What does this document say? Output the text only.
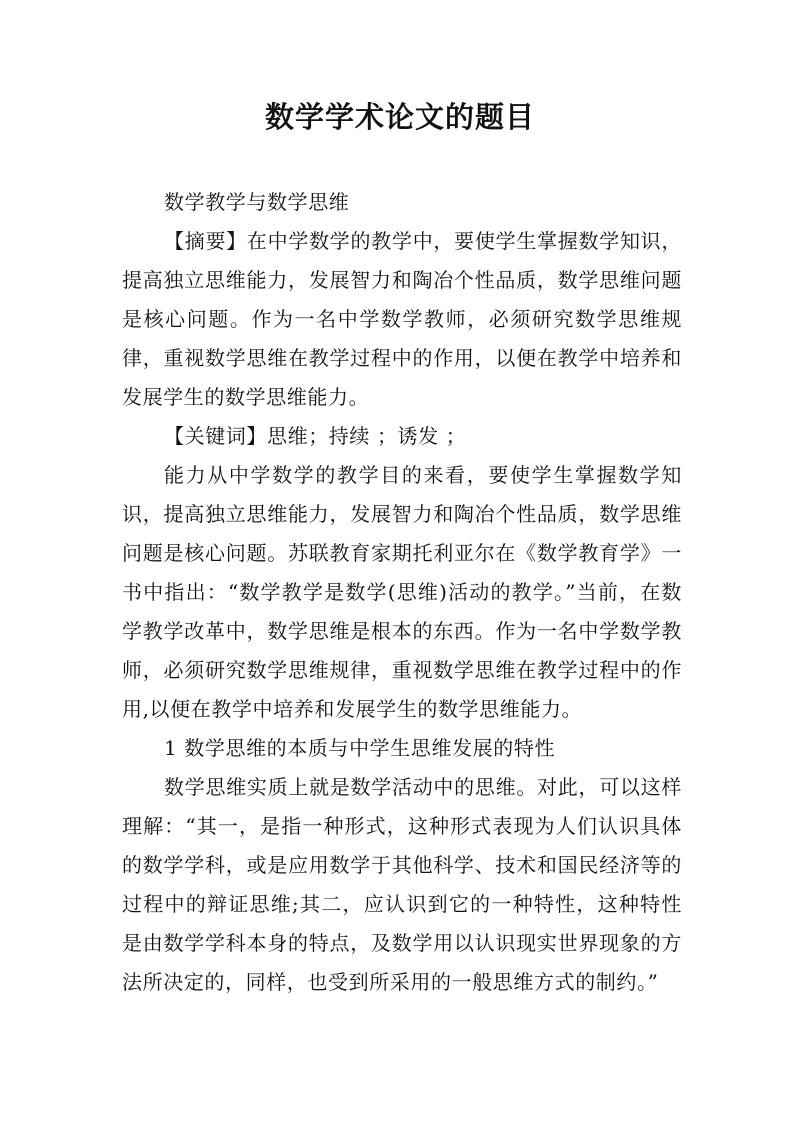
数学学术论文的题目

数学教学与数学思维

【摘要】在中学数学的教学中，要使学生掌握数学知识，提高独立思维能力，发展智力和陶冶个性品质，数学思维问题是核心问题。作为一名中学数学教师，必须研究数学思维规律，重视数学思维在教学过程中的作用，以便在教学中培养和发展学生的数学思维能力。

【关键词】思维；持续 ；诱发 ；

能力从中学数学的教学目的来看，要使学生掌握数学知识，提高独立思维能力，发展智力和陶冶个性品质，数学思维问题是核心问题。苏联教育家期托利亚尔在《数学教育学》一书中指出：“数学教学是数学(思维)活动的教学。”当前，在数学教学改革中，数学思维是根本的东西。作为一名中学数学教师，必须研究数学思维规律，重视数学思维在教学过程中的作用,以便在教学中培养和发展学生的数学思维能力。

1 数学思维的本质与中学生思维发展的特性

数学思维实质上就是数学活动中的思维。对此，可以这样理解：“其一，是指一种形式，这种形式表现为人们认识具体的数学学科，或是应用数学于其他科学、技术和国民经济等的过程中的辩证思维;其二，应认识到它的一种特性，这种特性是由数学学科本身的特点，及数学用以认识现实世界现象的方法所决定的，同样，也受到所采用的一般思维方式的制约。”
